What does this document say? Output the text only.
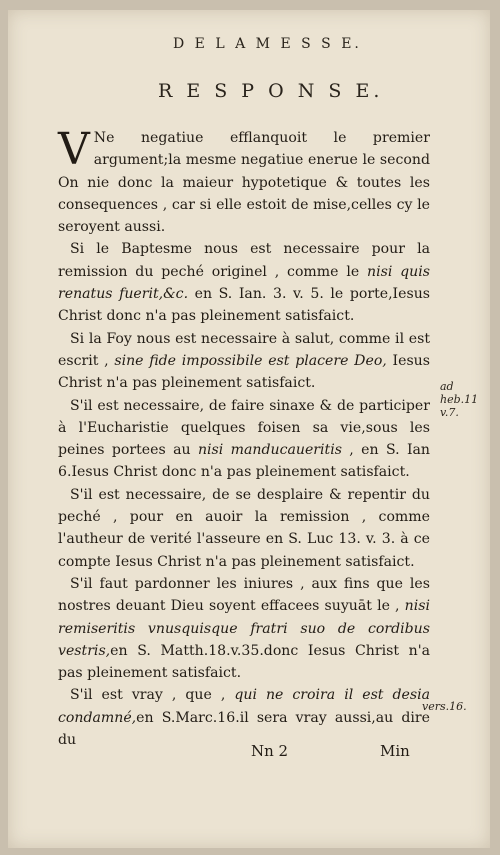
D E L A M E S S E.
R E S P O N S E.

V Ne negatiue efflanquoit le premier argument;la mesme negatiue enerue le second On nie donc la maieur hypotetique & toutes les consequences , car si elle estoit de mise,celles cy le seroyent aussi.

Si le Baptesme nous est necessaire pour la remission du peché originel , comme le nisi quis renatus fuerit,&c. en S. Ian. 3. v. 5. le porte,Iesus Christ donc n'a pas pleinement satisfaict.

Si la Foy nous est necessaire à salut, comme il est escrit , sine fide impossibile est placere Deo, Iesus Christ n'a pas pleinement satisfaict.

S'il est necessaire, de faire sinaxe & de participer à l'Eucharistie quelques foisen sa vie,sous les peines portees au nisi manducaueritis , en S. Ian 6.Iesus Christ donc n'a pas pleinement satisfaict.

S'il est necessaire, de se desplaire & repentir du peché , pour en auoir la remission , comme l'autheur de verité l'asseure en S. Luc 13. v. 3. à ce compte Iesus Christ n'a pas pleinement satisfaict.

S'il faut pardonner les iniures , aux fins que les nostres deuant Dieu soyent effacees suyuāt le , nisi remiseritis vnusquisque fratri suo de cordibus vestris,en S. Matth.18.v.35.donc Iesus Christ n'a pas pleinement satisfaict.

S'il est vray , que , qui ne croira il est desia condamné,en S.Marc.16.il sera vray aussi,au dire du

ad heb.11 v.7.
vers.16.
Nn 2	Min
